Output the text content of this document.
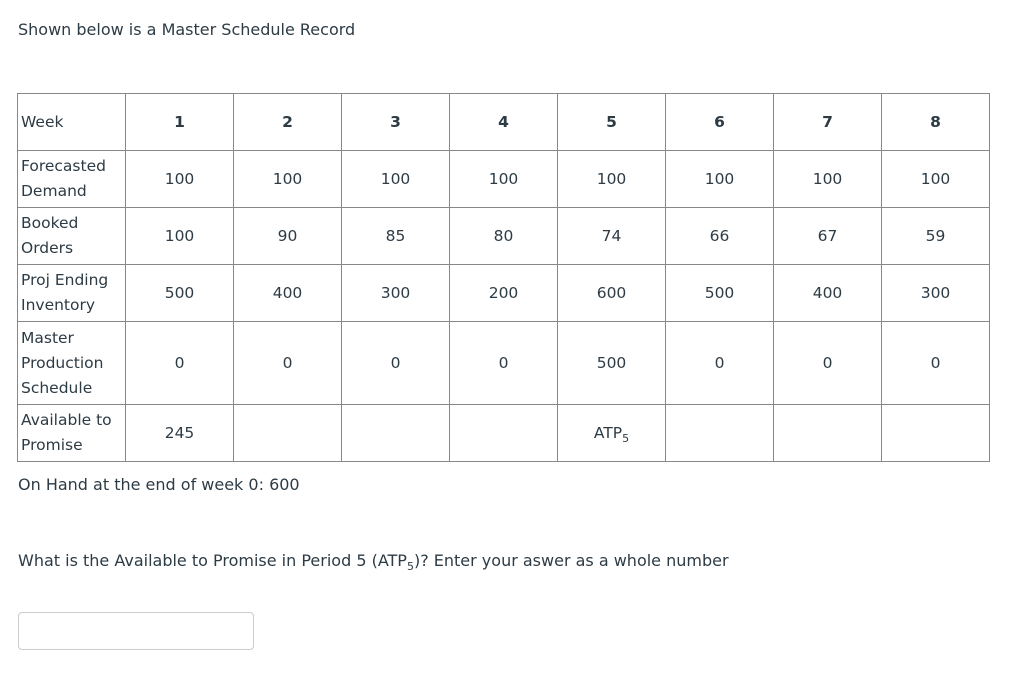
Shown below is a Master Schedule Record
Week	1	2	3	4	5	6	7	8
Forecasted Demand	100	100	100	100	100	100	100	100
Booked Orders	100	90	85	80	74	66	67	59
Proj Ending Inventory	500	400	300	200	600	500	400	300
Master Production Schedule	0	0	0	0	500	0	0	0
Available to Promise	245				$ATP_5$			
On Hand at the end of week 0: 600
What is the Available to Promise in Period 5 $(ATP_5)$? Enter your aswer as a whole number
